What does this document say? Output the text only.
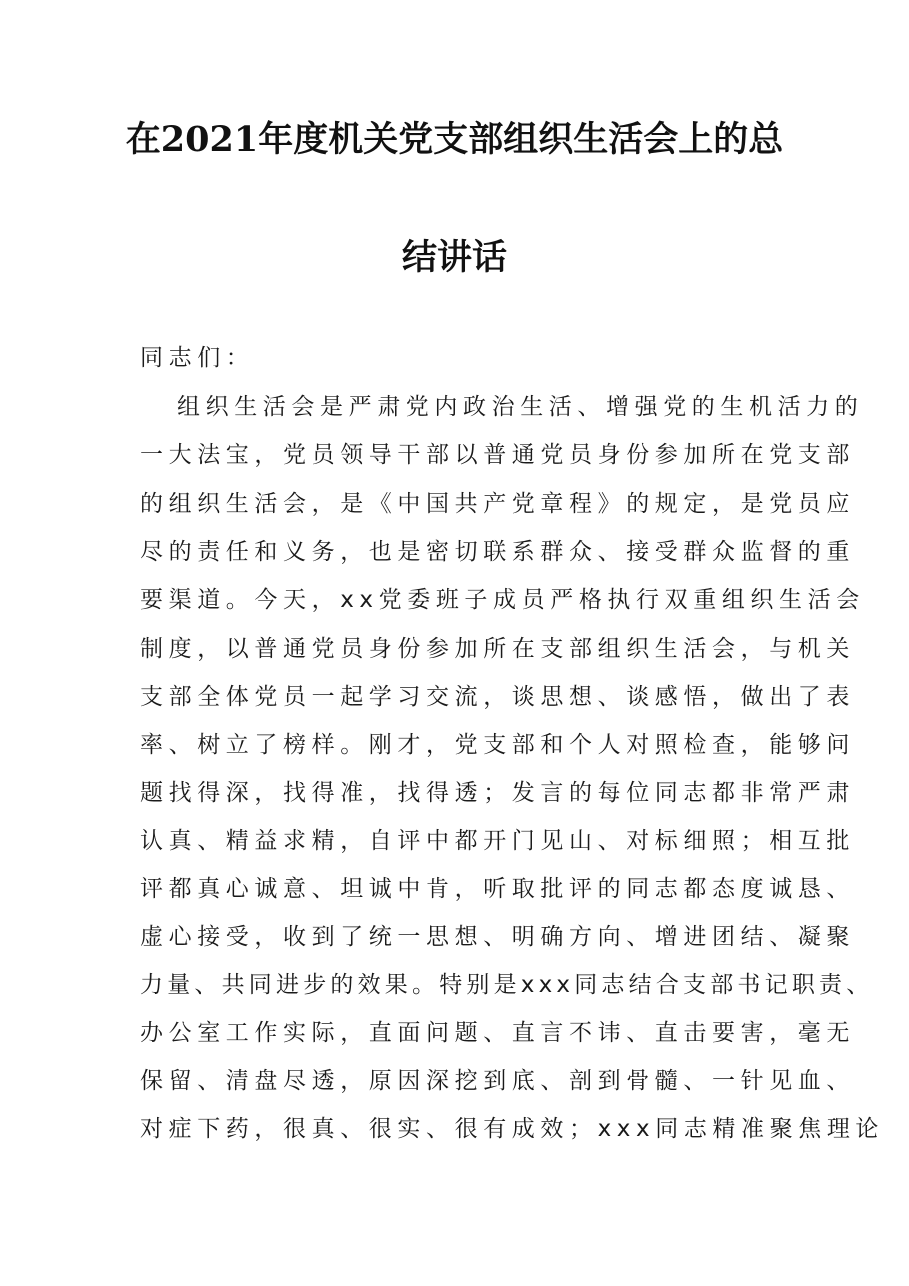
在2021年度机关党支部组织生活会上的总
结讲话
同志们：
组织生活会是严肃党内政治生活、增强党的生机活力的
一大法宝，党员领导干部以普通党员身份参加所在党支部
的组织生活会，是《中国共产党章程》的规定，是党员应
尽的责任和义务，也是密切联系群众、接受群众监督的重
要渠道。今天，xx党委班子成员严格执行双重组织生活会
制度，以普通党员身份参加所在支部组织生活会，与机关
支部全体党员一起学习交流，谈思想、谈感悟，做出了表
率、树立了榜样。刚才，党支部和个人对照检查，能够问
题找得深，找得准，找得透；发言的每位同志都非常严肃
认真、精益求精，自评中都开门见山、对标细照；相互批
评都真心诚意、坦诚中肯，听取批评的同志都态度诚恳、
虚心接受，收到了统一思想、明确方向、增进团结、凝聚
力量、共同进步的效果。特别是xxx同志结合支部书记职责、
办公室工作实际，直面问题、直言不讳、直击要害，毫无
保留、清盘尽透，原因深挖到底、剖到骨髓、一针见血、
对症下药，很真、很实、很有成效；xxx同志精准聚焦理论
